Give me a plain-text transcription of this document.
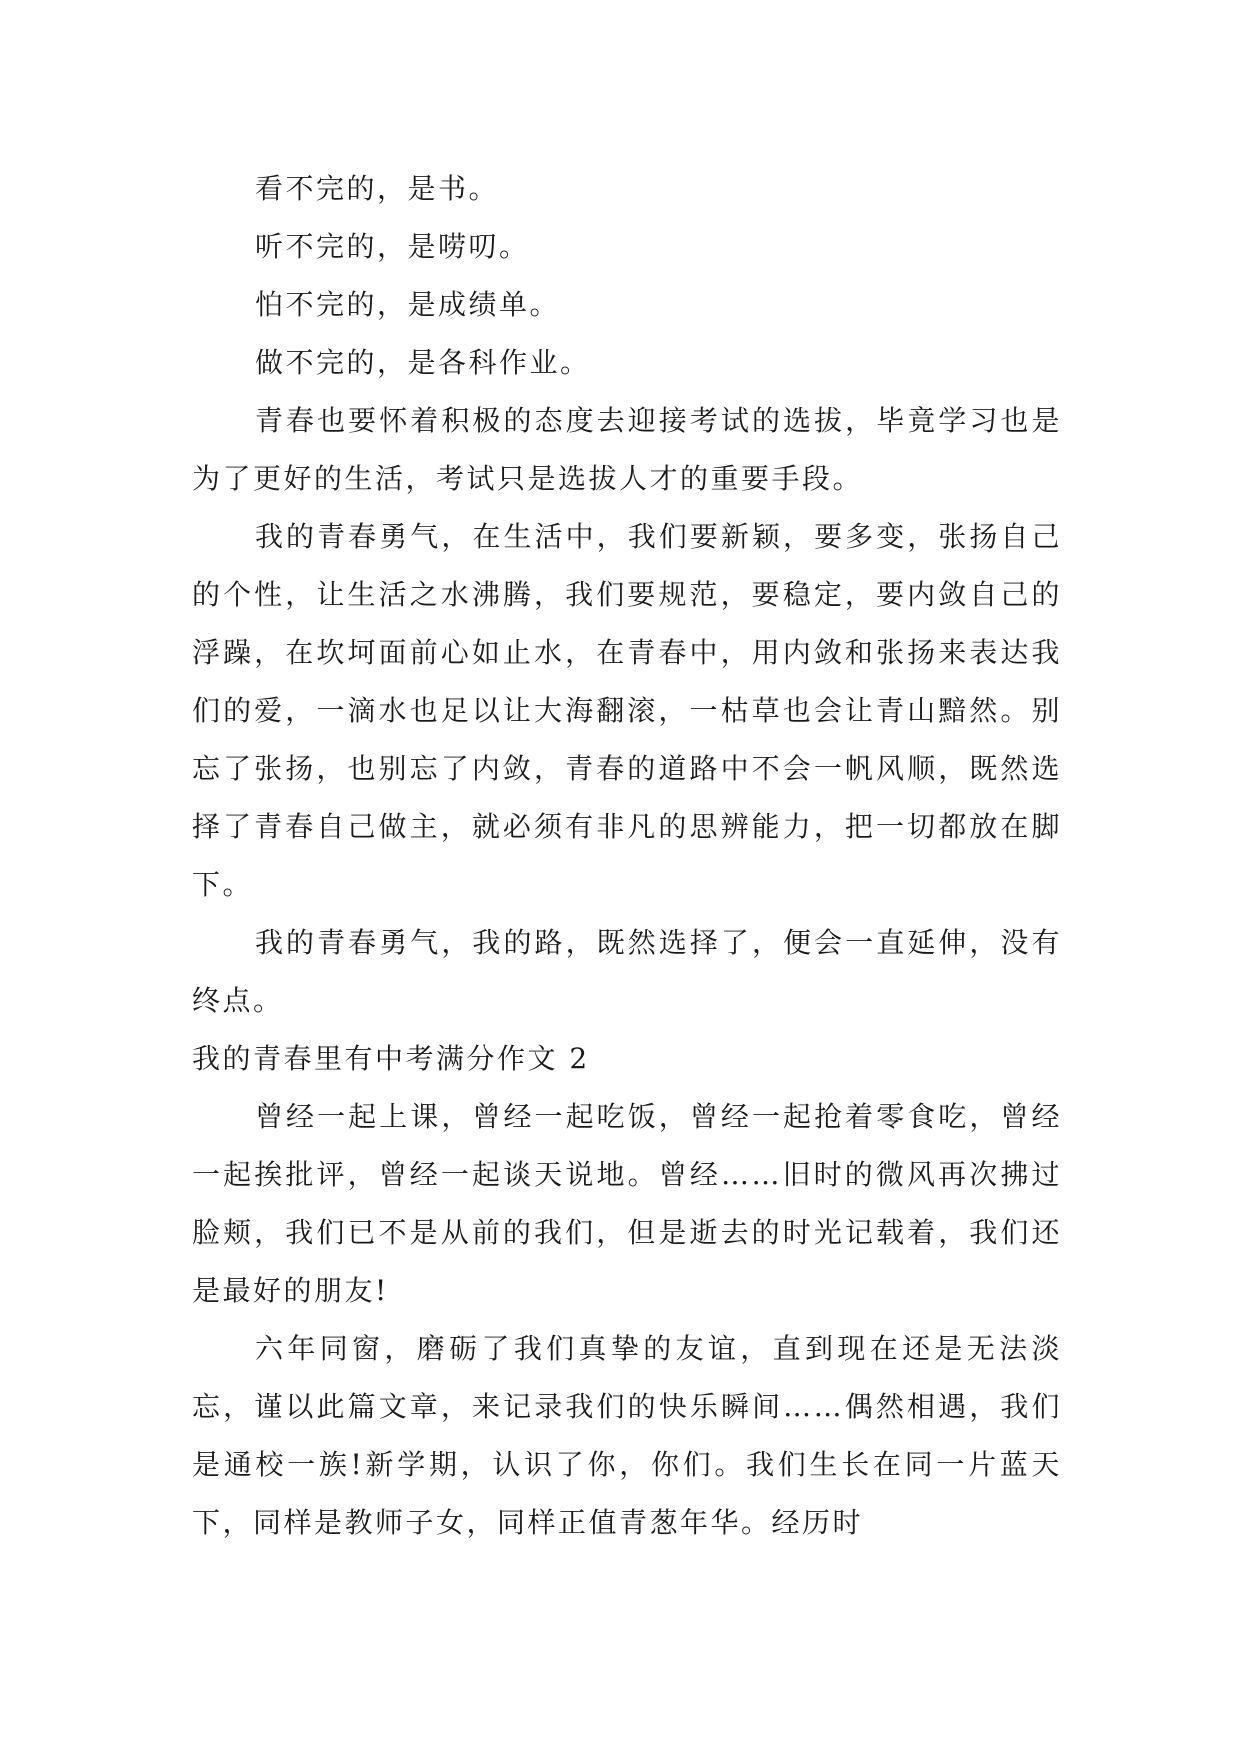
看不完的，是书。

听不完的，是唠叨。

怕不完的，是成绩单。

做不完的，是各科作业。

青春也要怀着积极的态度去迎接考试的选拔，毕竟学习也是为了更好的生活，考试只是选拔人才的重要手段。

我的青春勇气，在生活中，我们要新颖，要多变，张扬自己的个性，让生活之水沸腾，我们要规范，要稳定，要内敛自己的浮躁，在坎坷面前心如止水，在青春中，用内敛和张扬来表达我们的爱，一滴水也足以让大海翻滚，一枯草也会让青山黯然。别忘了张扬，也别忘了内敛，青春的道路中不会一帆风顺，既然选择了青春自己做主，就必须有非凡的思辨能力，把一切都放在脚下。

我的青春勇气，我的路，既然选择了，便会一直延伸，没有终点。

我的青春里有中考满分作文 2

曾经一起上课，曾经一起吃饭，曾经一起抢着零食吃，曾经一起挨批评，曾经一起谈天说地。曾经……旧时的微风再次拂过脸颊，我们已不是从前的我们，但是逝去的时光记载着，我们还是最好的朋友!

六年同窗，磨砺了我们真挚的友谊，直到现在还是无法淡忘，谨以此篇文章，来记录我们的快乐瞬间……偶然相遇，我们是通校一族!新学期，认识了你，你们。我们生长在同一片蓝天下，同样是教师子女，同样正值青葱年华。经历时
